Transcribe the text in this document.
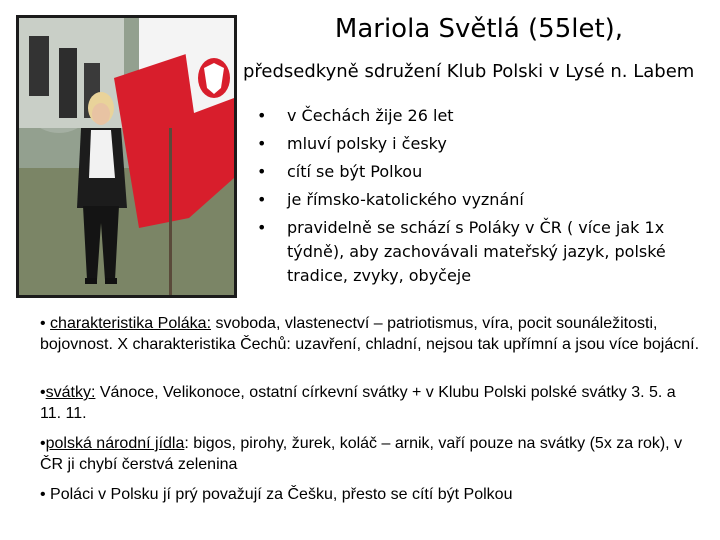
Mariola Světlá (55let),
předsedkyně sdružení Klub Polski v Lysé n. Labem
• v Čechách žije 26 let
• mluví polsky i česky
• cítí se být Polkou
• je římsko-katolického vyznání
• pravidelně se schází s Poláky v ČR ( více jak 1x týdně), aby zachovávali mateřský jazyk, polské tradice, zvyky, obyčeje
• charakteristika Poláka: svoboda, vlastenectví – patriotismus, víra, pocit sounáležitosti, bojovnost. X charakteristika Čechů: uzavření, chladní, nejsou tak upřímní a jsou více bojácní.
•svátky: Vánoce, Velikonoce, ostatní církevní svátky + v Klubu Polski polské svátky 3. 5. a 11. 11.
•polská národní jídla: bigos, pirohy, žurek, koláč – arnik, vaří pouze na svátky (5x za rok), v ČR ji chybí čerstvá zelenina
• Poláci v Polsku jí prý považují za Češku, přesto se cítí být Polkou
